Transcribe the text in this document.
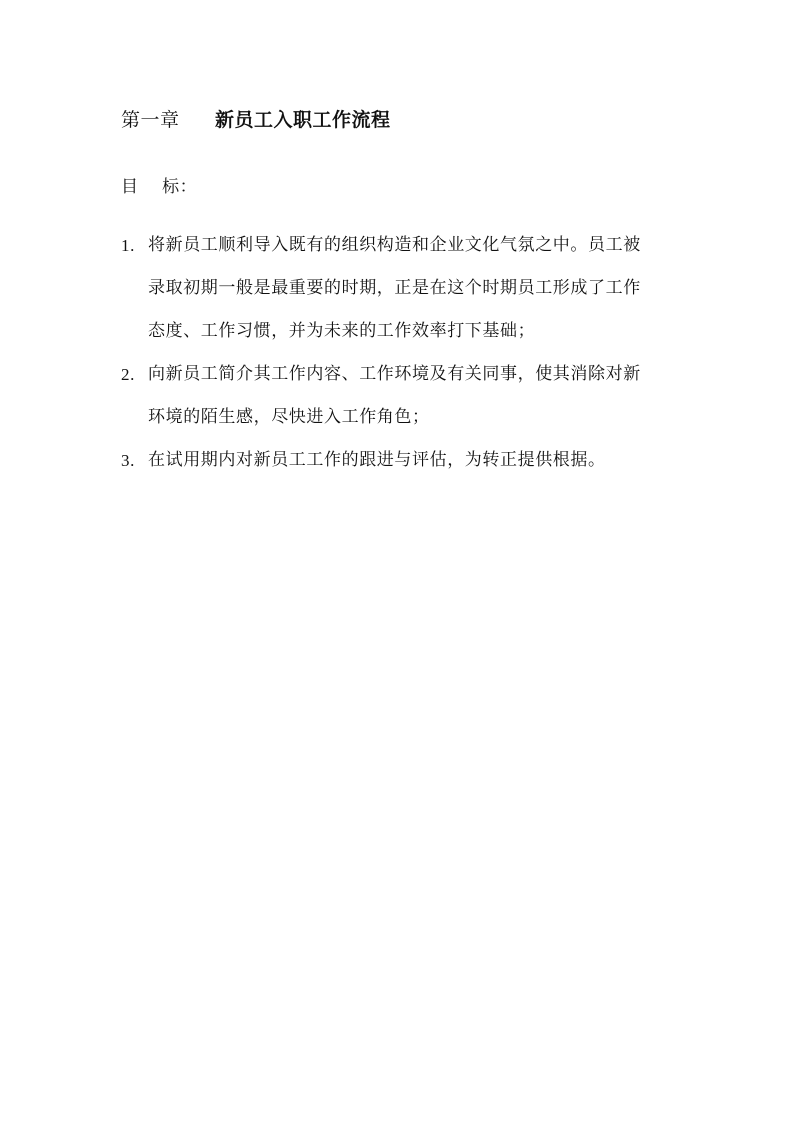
第一章	新员工入职工作流程
目    标：
1. 将新员工顺利导入既有的组织构造和企业文化气氛之中。员工被
录取初期一般是最重要的时期，正是在这个时期员工形成了工作
态度、工作习惯，并为未来的工作效率打下基础；
2. 向新员工简介其工作内容、工作环境及有关同事，使其消除对新
环境的陌生感，尽快进入工作角色；
3. 在试用期内对新员工工作的跟进与评估，为转正提供根据。
